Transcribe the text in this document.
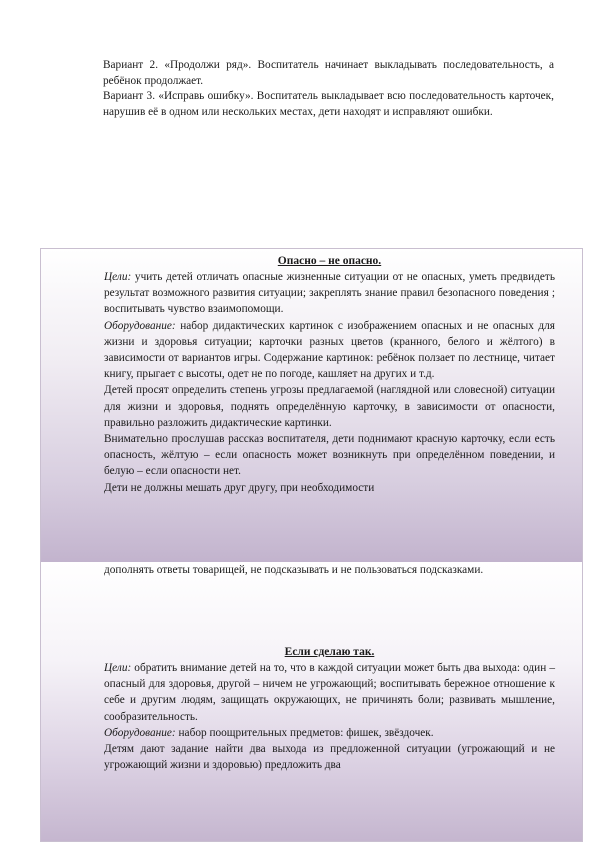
Вариант 2. «Продолжи ряд». Воспитатель начинает выкладывать последовательность, а ребёнок продолжает.

Вариант 3. «Исправь ошибку». Воспитатель выкладывает всю последовательность карточек, нарушив её в одном или нескольких местах, дети находят и исправляют ошибки.

Опасно – не опасно.

Цели: учить детей отличать опасные жизненные ситуации от не опасных, уметь предвидеть результат возможного развития ситуации; закреплять знание правил безопасного поведения ; воспитывать чувство взаимопомощи.

Оборудование: набор дидактических картинок с изображением опасных и не опасных для жизни и здоровья ситуации; карточки разных цветов (кранного, белого и жёлтого) в зависимости от вариантов игры. Содержание картинок: ребёнок ползает по лестнице, читает книгу, прыгает с высоты, одет не по погоде, кашляет на других и т.д.

Детей просят определить степень угрозы предлагаемой (наглядной или словесной) ситуации для жизни и здоровья, поднять определённую карточку, в зависимости от опасности, правильно разложить дидактические картинки.

Внимательно прослушав рассказ воспитателя, дети поднимают красную карточку, если есть опасность, жёлтую – если опасность может возникнуть при определённом поведении, и белую – если опасности нет.

Дети не должны мешать друг другу, при необходимости

дополнять ответы товарищей, не подсказывать и не пользоваться подсказками.

Если сделаю так.

Цели: обратить внимание детей на то, что в каждой ситуации может быть два выхода: один – опасный для здоровья, другой – ничем не угрожающий; воспитывать бережное отношение к себе и другим людям, защищать окружающих, не причинять боли; развивать мышление, сообразительность.

Оборудование: набор поощрительных предметов: фишек, звёздочек.

Детям дают задание найти два выхода из предложенной ситуации (угрожающий и не угрожающий жизни и здоровью) предложить два
